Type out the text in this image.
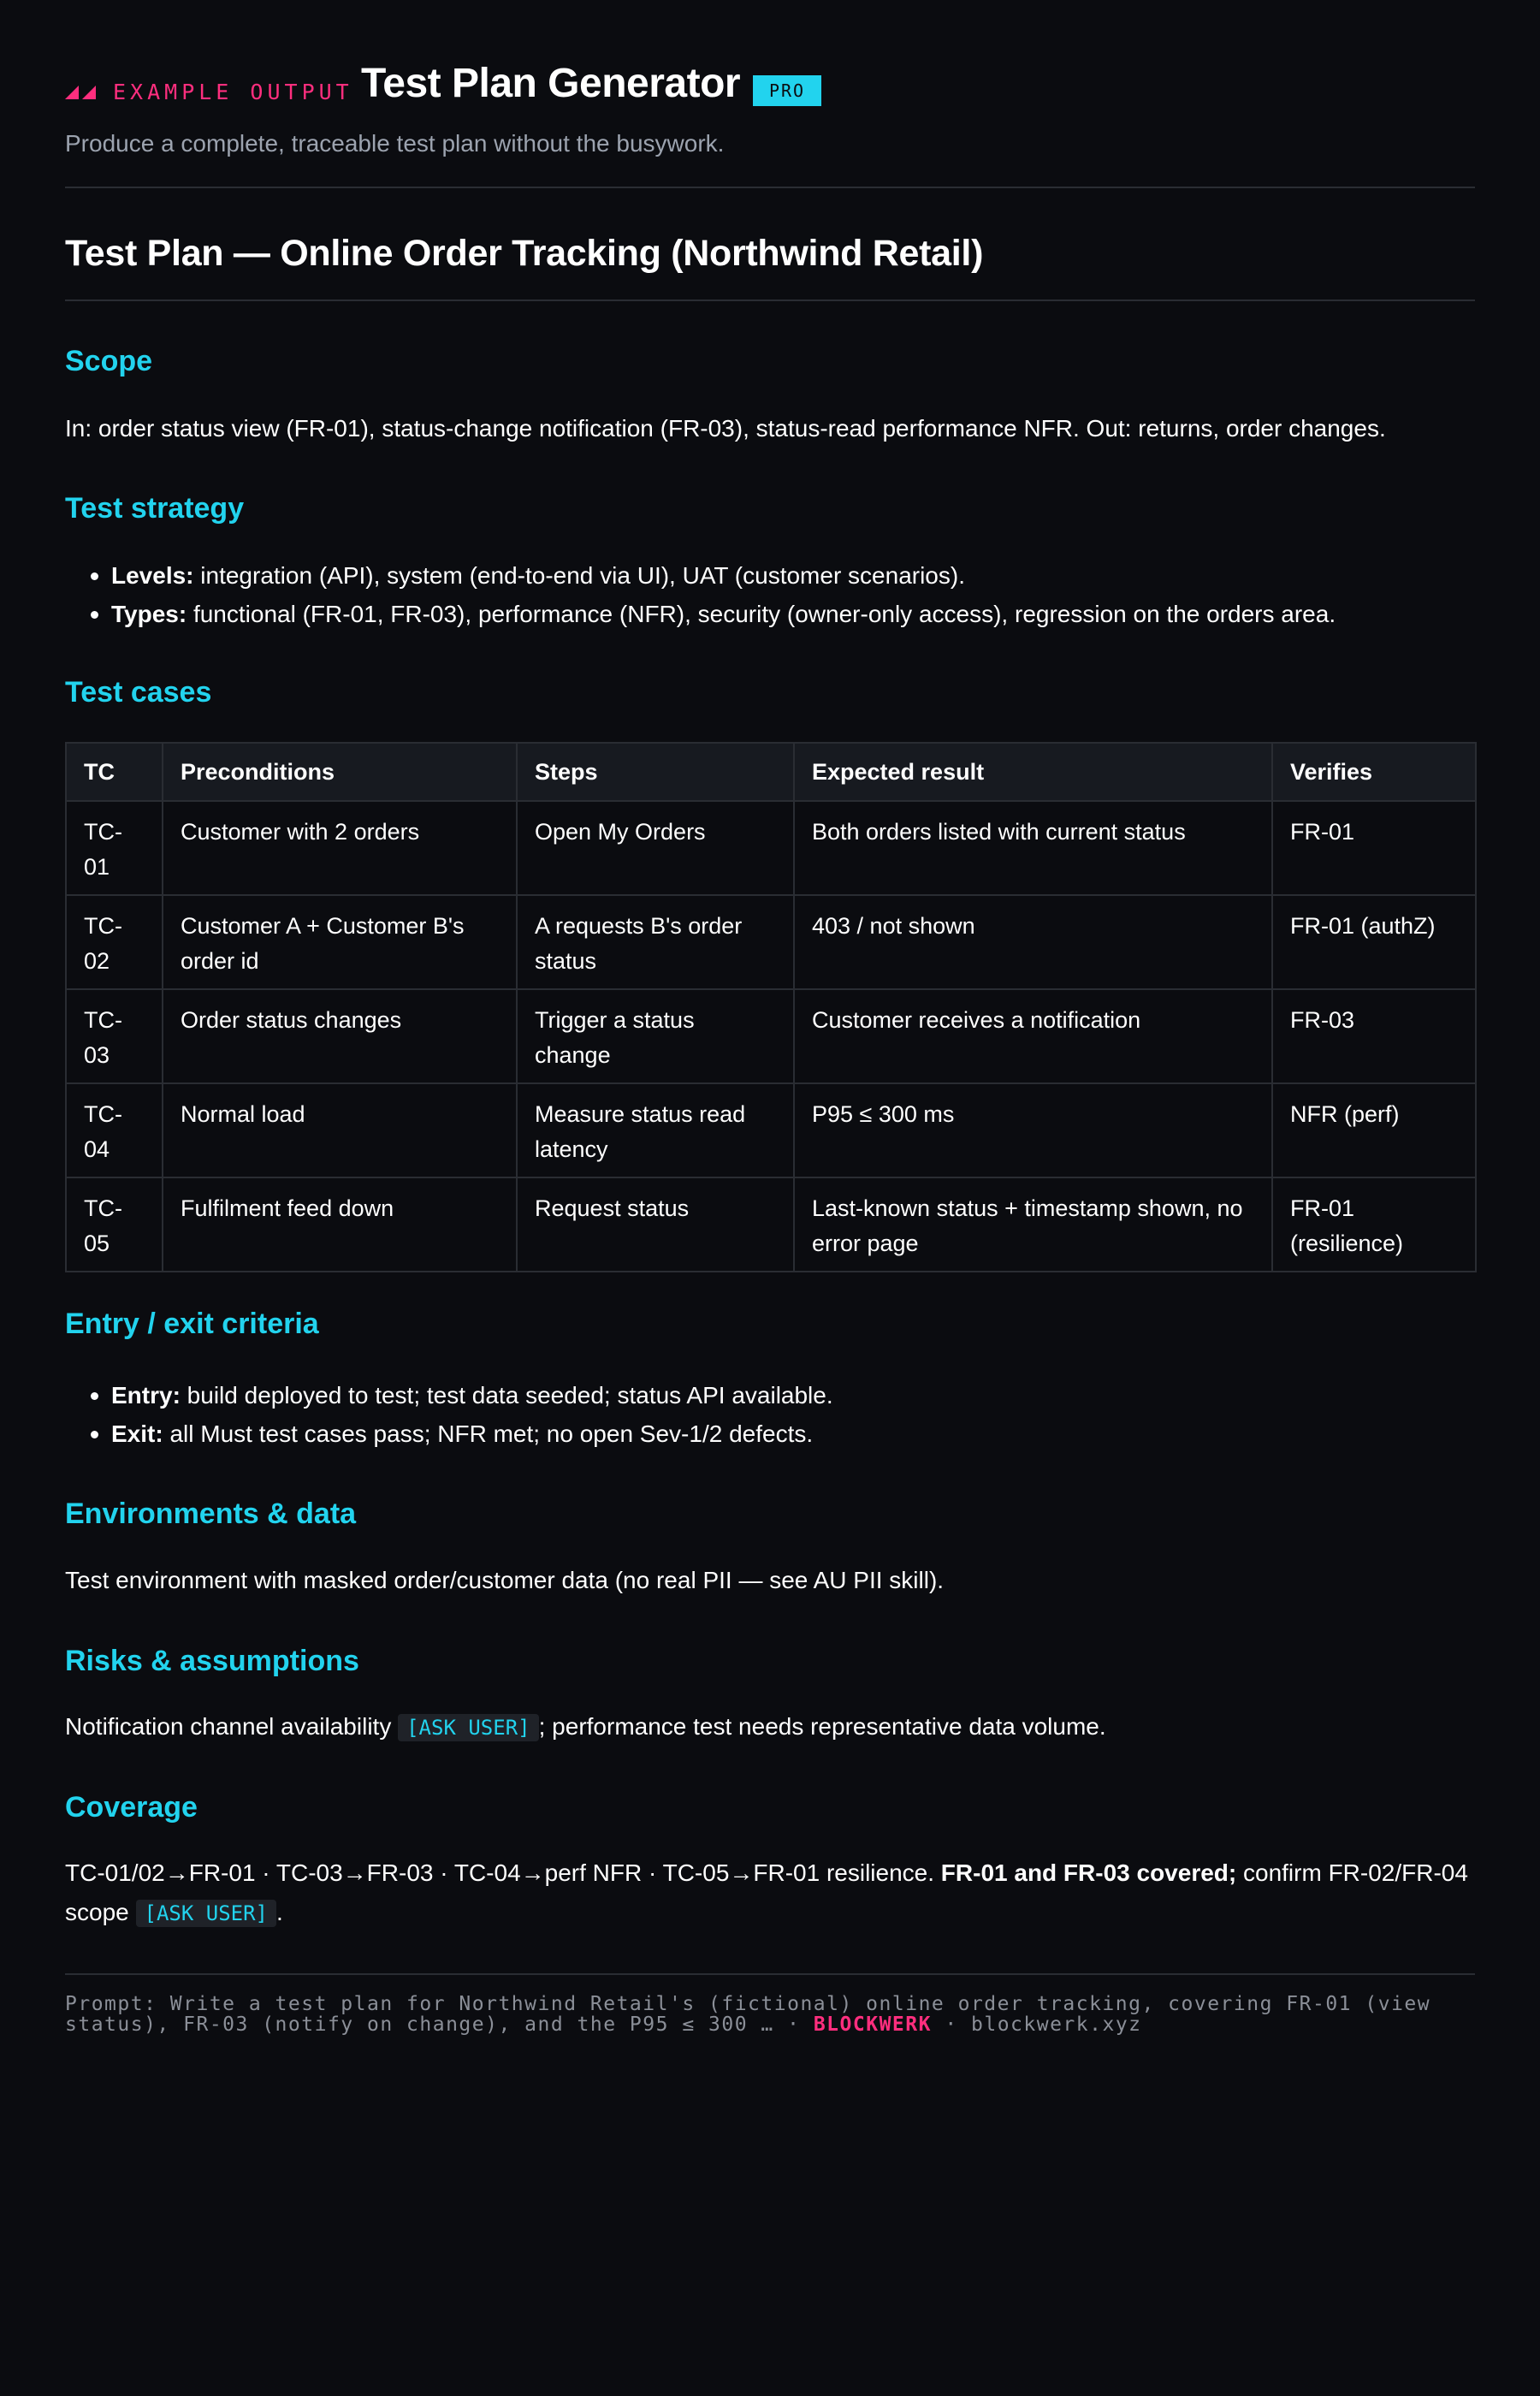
EXAMPLE OUTPUT Test Plan Generator	PRO
Produce a complete, traceable test plan without the busywork.
Test Plan — Online Order Tracking (Northwind Retail)
Scope

In: order status view (FR-01), status-change notification (FR-03), status-read performance NFR. Out: returns, order changes.

Test strategy
Levels: integration (API), system (end-to-end via UI), UAT (customer scenarios).
Types: functional (FR-01, FR-03), performance (NFR), security (owner-only access), regression on the orders area.
Test cases
TC	Preconditions	Steps	Expected result	Verifies
TC-01	Customer with 2 orders	Open My Orders	Both orders listed with current status	FR-01
TC-02	Customer A + Customer B's order id	A requests B's order status	403 / not shown	FR-01 (authZ)
TC-03	Order status changes	Trigger a status change	Customer receives a notification	FR-03
TC-04	Normal load	Measure status read latency	P95 ≤ 300 ms	NFR (perf)
TC-05	Fulfilment feed down	Request status	Last-known status + timestamp shown, no error page	FR-01 (resilience)
Entry / exit criteria
Entry: build deployed to test; test data seeded; status API available.
Exit: all Must test cases pass; NFR met; no open Sev-1/2 defects.
Environments & data

Test environment with masked order/customer data (no real PII — see AU PII skill).

Risks & assumptions

Notification channel availability [ASK USER] ; performance test needs representative data volume.

Coverage

TC-01/02→FR-01 · TC-03→FR-03 · TC-04→perf NFR · TC-05→FR-01 resilience. FR-01 and FR-03 covered; confirm FR-02/FR-04 scope [ASK USER] .

Prompt: Write a test plan for Northwind Retail's (fictional) online order tracking, covering FR-01 (view status), FR-03 (notify on change), and the P95 ≤ 300 … · BLOCKWERK · blockwerk.xyz
